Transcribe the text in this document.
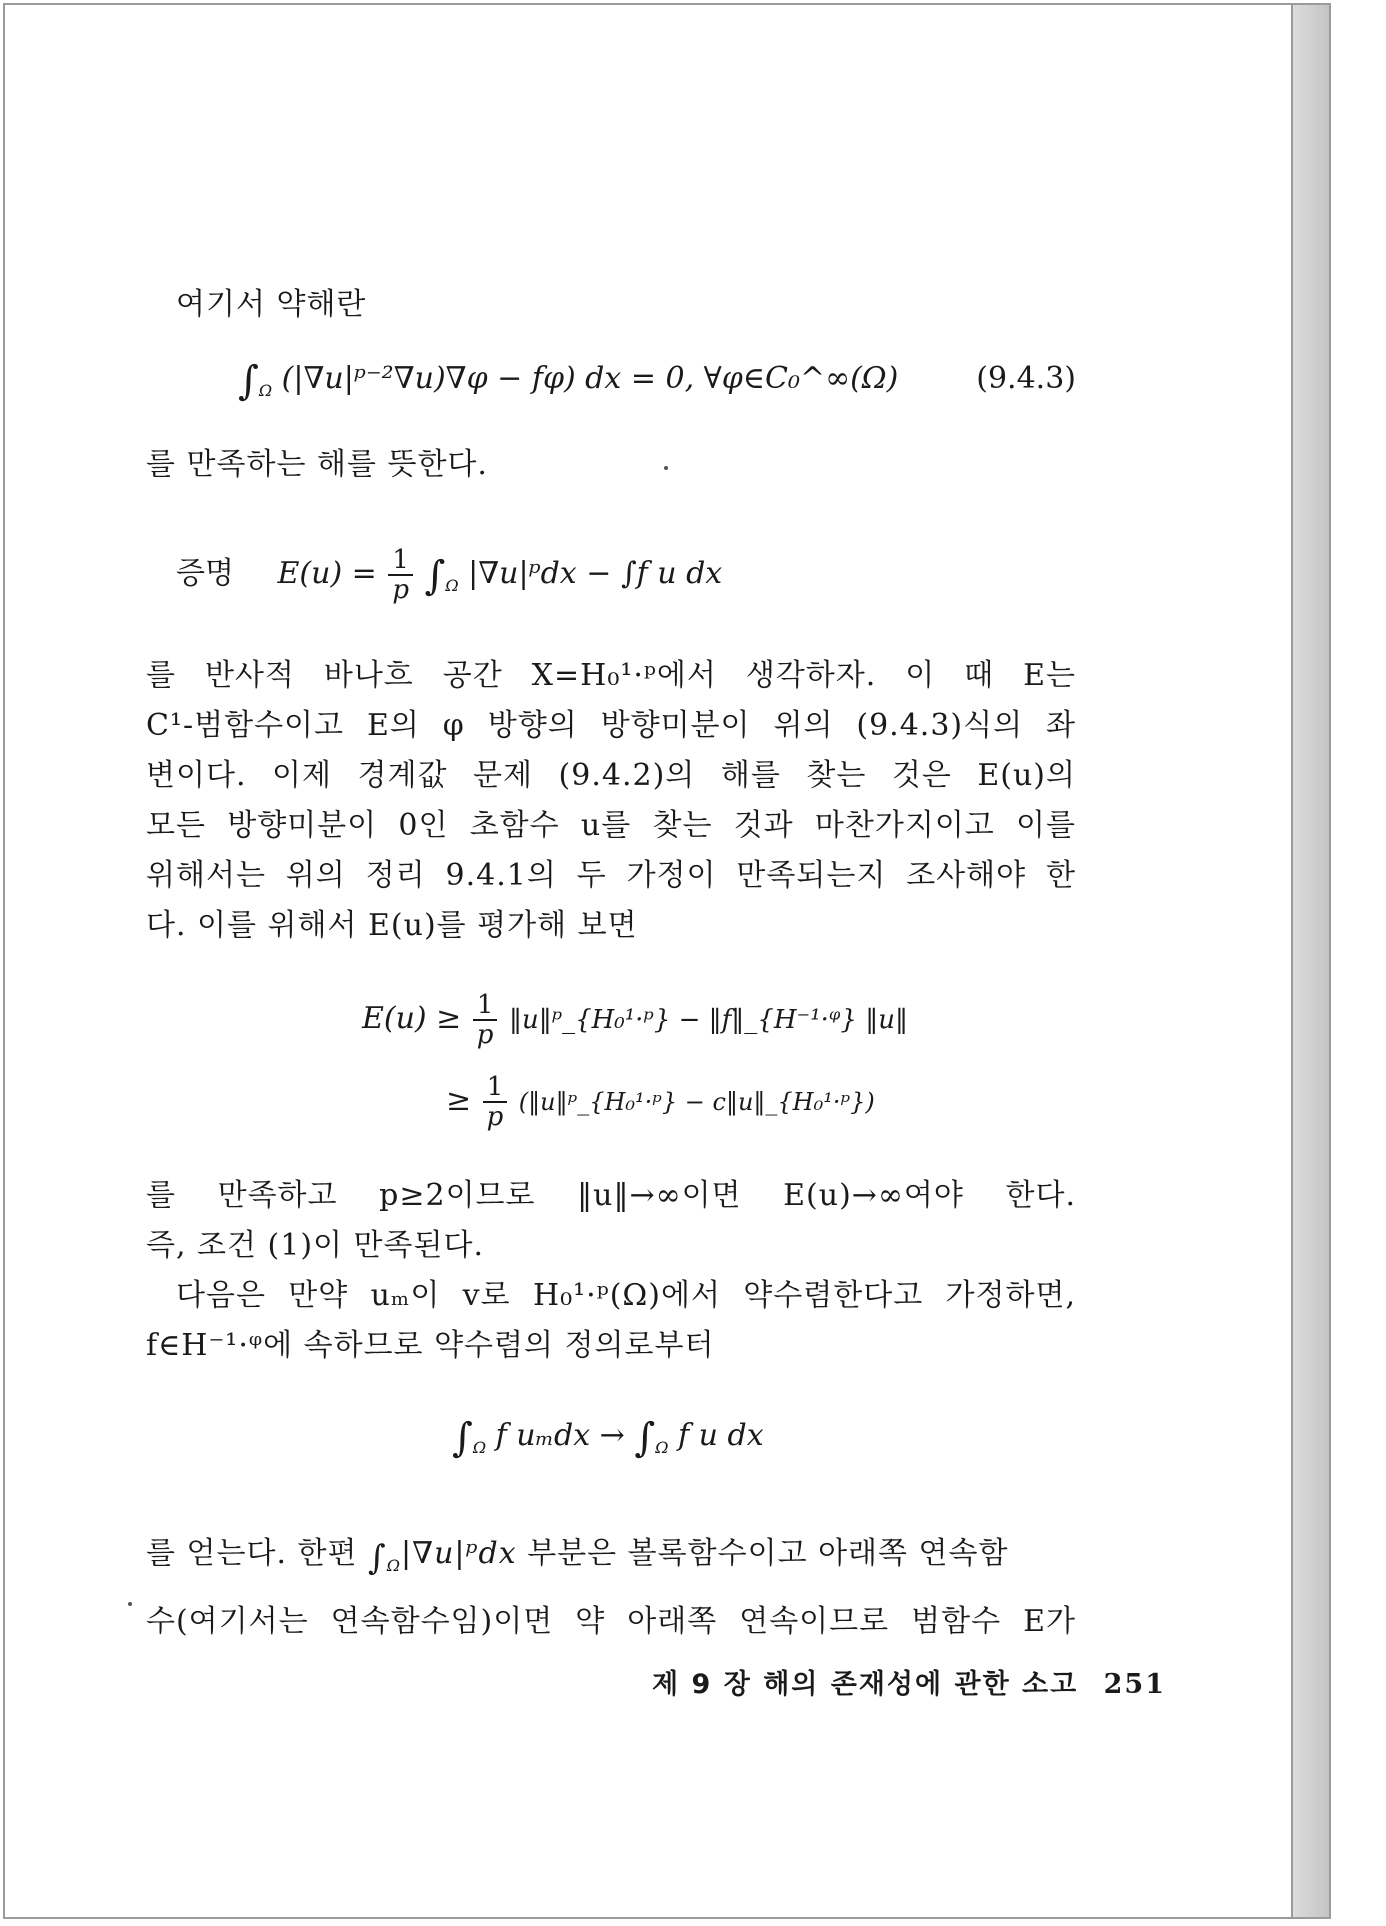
여기서 약해란
$\int_\Omega$ (|∇u|ᵖ⁻²∇u)∇φ − fφ) dx = 0, ∀φ∈C₀^∞(Ω)	(9.4.3)
를 만족하는 해를 뜻한다.
증명 $E(u) = \frac{1}{p} \int_\Omega$ |∇u|ᵖdx − ∫f u dx
를 반사적 바나흐 공간 X=H₀¹·ᵖ에서 생각하자. 이 때 E는
C¹-범함수이고 E의 φ 방향의 방향미분이 위의 (9.4.3)식의 좌
변이다. 이제 경계값 문제 (9.4.2)의 해를 찾는 것은 E(u)의
모든 방향미분이 0인 초함수 u를 찾는 것과 마찬가지이고 이를
위해서는 위의 정리 9.4.1의 두 가정이 만족되는지 조사해야 한
다. 이를 위해서 E(u)를 평가해 보면
$E(u) \ge \frac{1}{p}$ ‖u‖ᵖ_{H₀¹·ᵖ} − ‖f‖_{H⁻¹·ᵠ} ‖u‖
≥ $\frac{1}{p}$ (‖u‖ᵖ_{H₀¹·ᵖ} − c‖u‖_{H₀¹·ᵖ})
를 만족하고 p≥2이므로 ‖u‖→∞이면 E(u)→∞여야 한다.
즉, 조건 (1)이 만족된다.
다음은 만약 uₘ이 v로 H₀¹·ᵖ(Ω)에서 약수렴한다고 가정하면,
f∈H⁻¹·ᵠ에 속하므로 약수렴의 정의로부터
$\int_\Omega$ f $u_mdx \to \int_\Omega$ f u dx
를 얻는다. 한편 $\int_\Omega|\nabla u|ᵖdx$ 부분은 볼록함수이고 아래쪽 연속함
수(여기서는 연속함수임)이면 약 아래쪽 연속이므로 범함수 E가
제 9 장 해의 존재성에 관한 소고 251
